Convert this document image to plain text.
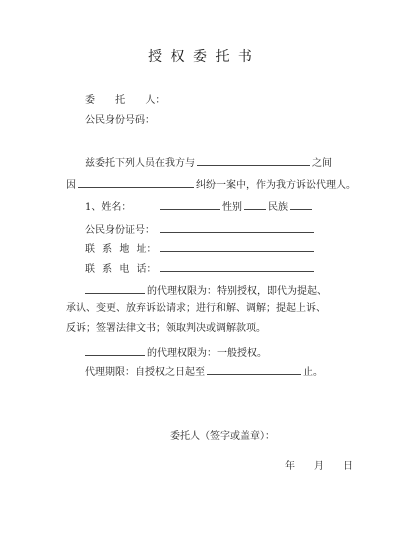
授 权 委 托 书
委 托 人：
公民身份号码：
兹委托下列人员在我方与	之间
因	纠纷一案中，作为我方诉讼代理人。
1、姓名：	性别	民族
公民身份证号：
联 系 地 址：
联 系 电 话：
的代理权限为：特别授权，即代为提起、
承认、变更、放弃诉讼请求；进行和解、调解；提起上诉、
反诉；签署法律文书；领取判决或调解款项。
的代理权限为：一般授权。
代理期限：自授权之日起至	止。
委托人（签字或盖章）：
年 月 日
